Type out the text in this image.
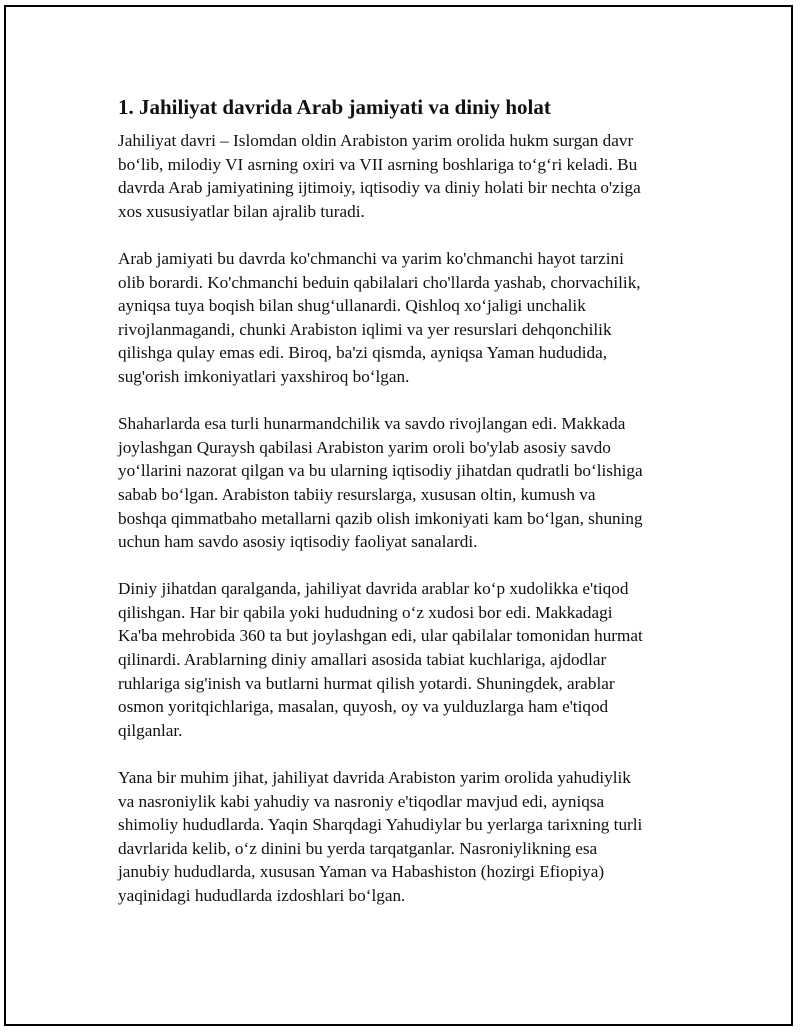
1. Jahiliyat davrida Arab jamiyati va diniy holat

Jahiliyat davri – Islomdan oldin Arabiston yarim orolida hukm surgan davr
bo‘lib, milodiy VI asrning oxiri va VII asrning boshlariga to‘g‘ri keladi. Bu
davrda Arab jamiyatining ijtimoiy, iqtisodiy va diniy holati bir nechta o'ziga
xos xususiyatlar bilan ajralib turadi.

Arab jamiyati bu davrda ko'chmanchi va yarim ko'chmanchi hayot tarzini
olib borardi. Ko'chmanchi beduin qabilalari cho'llarda yashab, chorvachilik,
ayniqsa tuya boqish bilan shug‘ullanardi. Qishloq xo‘jaligi unchalik
rivojlanmagandi, chunki Arabiston iqlimi va yer resurslari dehqonchilik
qilishga qulay emas edi. Biroq, ba'zi qismda, ayniqsa Yaman hududida,
sug'orish imkoniyatlari yaxshiroq bo‘lgan.

Shaharlarda esa turli hunarmandchilik va savdo rivojlangan edi. Makkada
joylashgan Quraysh qabilasi Arabiston yarim oroli bo'ylab asosiy savdo
yo‘llarini nazorat qilgan va bu ularning iqtisodiy jihatdan qudratli bo‘lishiga
sabab bo‘lgan. Arabiston tabiiy resurslarga, xususan oltin, kumush va
boshqa qimmatbaho metallarni qazib olish imkoniyati kam bo‘lgan, shuning
uchun ham savdo asosiy iqtisodiy faoliyat sanalardi.

Diniy jihatdan qaralganda, jahiliyat davrida arablar ko‘p xudolikka e'tiqod
qilishgan. Har bir qabila yoki hududning o‘z xudosi bor edi. Makkadagi
Ka'ba mehrobida 360 ta but joylashgan edi, ular qabilalar tomonidan hurmat
qilinardi. Arablarning diniy amallari asosida tabiat kuchlariga, ajdodlar
ruhlariga sig'inish va butlarni hurmat qilish yotardi. Shuningdek, arablar
osmon yoritqichlariga, masalan, quyosh, oy va yulduzlarga ham e'tiqod
qilganlar.

Yana bir muhim jihat, jahiliyat davrida Arabiston yarim orolida yahudiylik
va nasroniylik kabi yahudiy va nasroniy e'tiqodlar mavjud edi, ayniqsa
shimoliy hududlarda. Yaqin Sharqdagi Yahudiylar bu yerlarga tarixning turli
davrlarida kelib, o‘z dinini bu yerda tarqatganlar. Nasroniylikning esa
janubiy hududlarda, xususan Yaman va Habashiston (hozirgi Efiopiya)
yaqinidagi hududlarda izdoshlari bo‘lgan.
